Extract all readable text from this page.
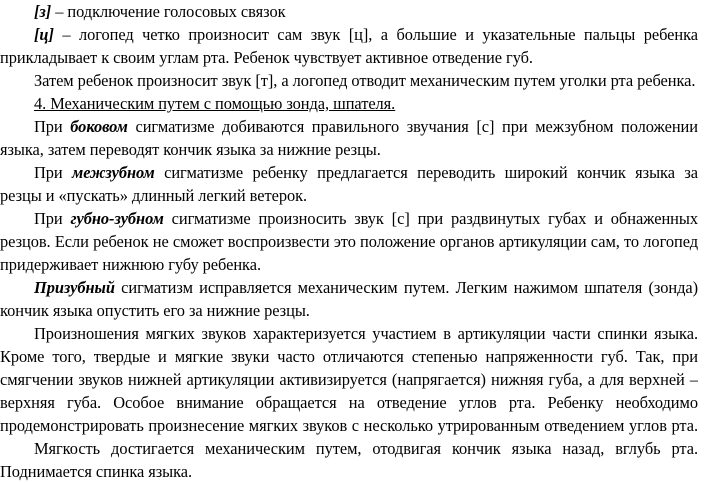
[з] – подключение голосовых связок

[ц] – логопед четко произносит сам звук [ц], а большие и указательные пальцы ребенка

прикладывает к своим углам рта. Ребенок чувствует активное отведение губ.

Затем ребенок произносит звук [т], а логопед отводит механическим путем уголки рта ребенка.

4. Механическим путем с помощью зонда, шпателя.

При боковом сигматизме добиваются правильного звучания [с] при межзубном положении

языка, затем переводят кончик языка за нижние резцы.

При межзубном сигматизме ребенку предлагается переводить широкий кончик языка за

резцы и «пускать» длинный легкий ветерок.

При губно-зубном сигматизме произносить звук [с] при раздвинутых губах и обнаженных

резцов. Если ребенок не сможет воспроизвести это положение органов артикуляции сам, то логопед

придерживает нижнюю губу ребенка.

Призубный сигматизм исправляется механическим путем. Легким нажимом шпателя (зонда)

кончик языка опустить его за нижние резцы.

Произношения мягких звуков характеризуется участием в артикуляции части спинки языка.

Кроме того, твердые и мягкие звуки часто отличаются степенью напряженности губ. Так, при

смягчении звуков нижней артикуляции активизируется (напрягается) нижняя губа, а для верхней –

верхняя губа. Особое внимание обращается на отведение углов рта. Ребенку необходимо

продемонстрировать произнесение мягких звуков с несколько утрированным отведением углов рта.

Мягкость достигается механическим путем, отодвигая кончик языка назад, вглубь рта.

Поднимается спинка языка.
